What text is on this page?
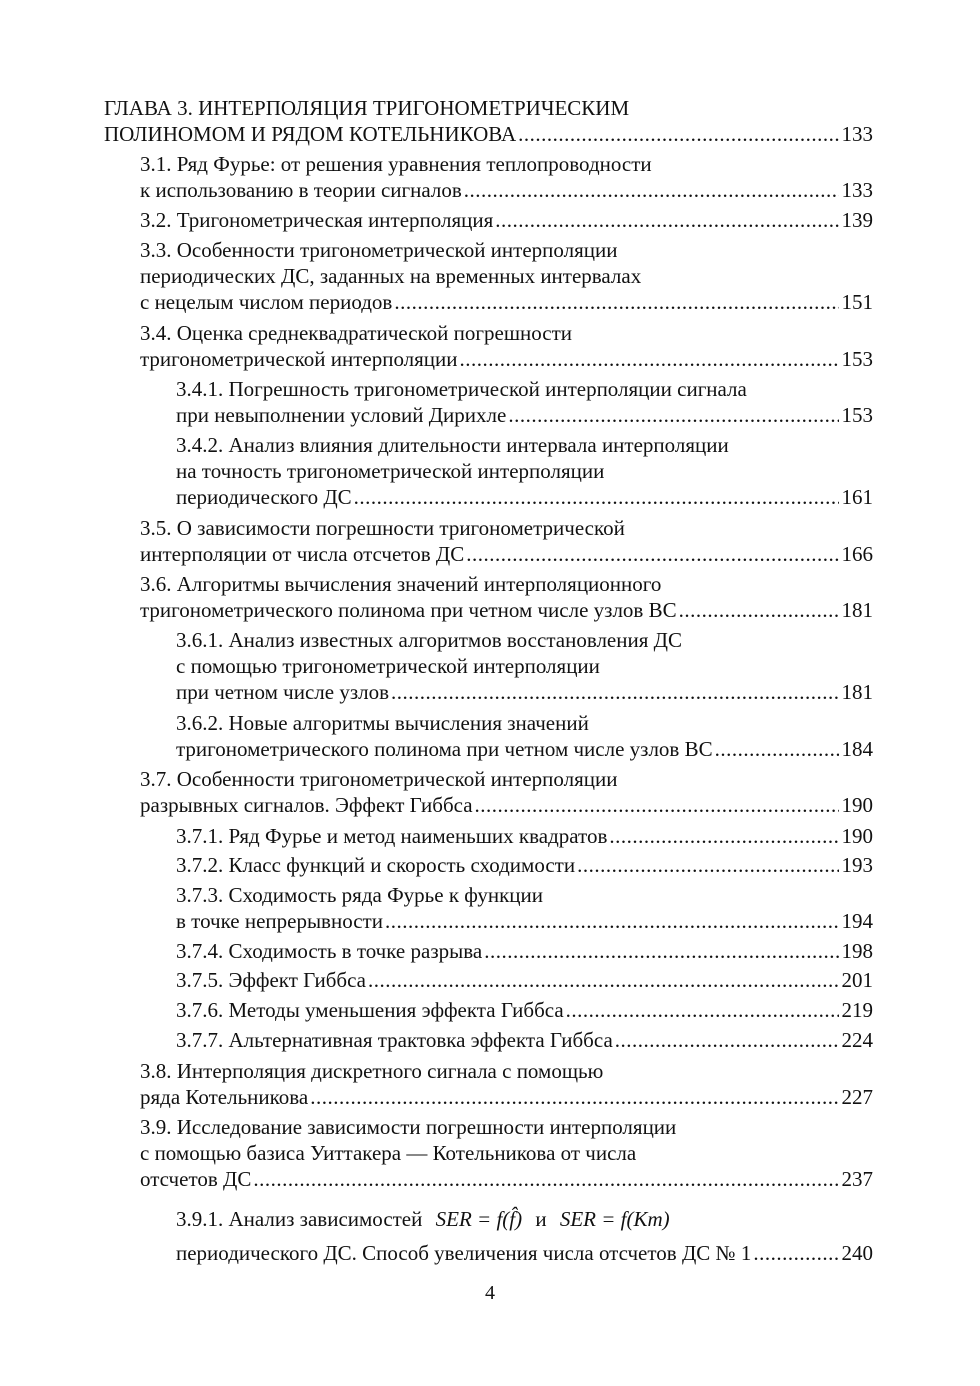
ГЛАВА 3. ИНТЕРПОЛЯЦИЯ ТРИГОНОМЕТРИЧЕСКИМ
ПОЛИНОМОМ И РЯДОМ КОТЕЛЬНИКОВА .....	133
3.1. Ряд Фурье: от решения уравнения теплопроводности
к использованию в теории сигналов .....	133
3.2. Тригонометрическая интерполяция .....	139
3.3. Особенности тригонометрической интерполяции
периодических ДС, заданных на временных интервалах
с нецелым числом периодов .....	151
3.4. Оценка среднеквадратической погрешности
тригонометрической интерполяции .....	153
3.4.1. Погрешность тригонометрической интерполяции сигнала
при невыполнении условий Дирихле .....	153
3.4.2. Анализ влияния длительности интервала интерполяции
на точность тригонометрической интерполяции
периодического ДС .....	161
3.5. О зависимости погрешности тригонометрической
интерполяции от числа отсчетов ДС .....	166
3.6. Алгоритмы вычисления значений интерполяционного
тригонометрического полинома при четном числе узлов ВС .....	181
3.6.1. Анализ известных алгоритмов восстановления ДС
с помощью тригонометрической интерполяции
при четном числе узлов .....	181
3.6.2. Новые алгоритмы вычисления значений
тригонометрического полинома при четном числе узлов ВС .....	184
3.7. Особенности тригонометрической интерполяции
разрывных сигналов. Эффект Гиббса .....	190
3.7.1. Ряд Фурье и метод наименьших квадратов .....	190
3.7.2. Класс функций и скорость сходимости .....	193
3.7.3. Сходимость ряда Фурье к функции
в точке непрерывности .....	194
3.7.4. Сходимость в точке разрыва .....	198
3.7.5. Эффект Гиббса .....	201
3.7.6. Методы уменьшения эффекта Гиббса .....	219
3.7.7. Альтернативная трактовка эффекта Гиббса .....	224
3.8. Интерполяция дискретного сигнала с помощью
ряда Котельникова .....	227
3.9. Исследование зависимости погрешности интерполяции
с помощью базиса Уиттакера — Котельникова от числа
отсчетов ДС .....	237
3.9.1. Анализ зависимостей SER = f(f̂) и SER = f(Km)
периодического ДС. Способ увеличения числа отсчетов ДС № 1 .....	240
4
